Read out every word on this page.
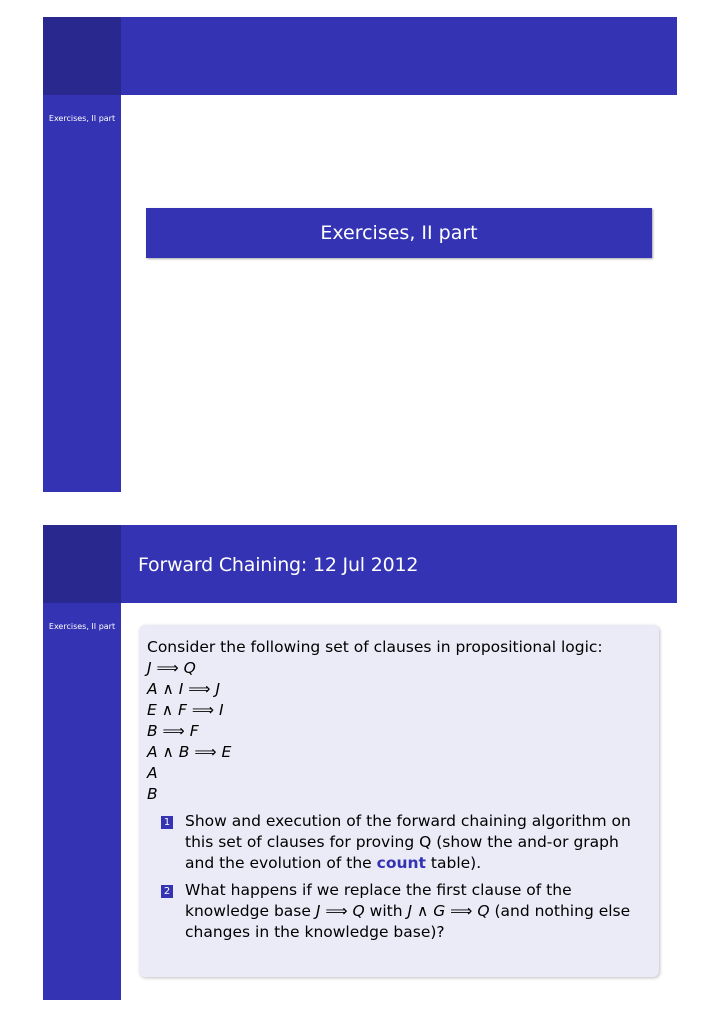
Exercises, II part
Exercises, II part
Exercises, II part
Forward Chaining: 12 Jul 2012

Consider the following set of clauses in propositional logic:

J ⟹ Q
A ∧ I ⟹ J
E ∧ F ⟹ I
B ⟹ F
A ∧ B ⟹ E
A
B
1 Show and execution of the forward chaining algorithm on this set of clauses for proving Q (show the and-or graph and the evolution of the count table).
2 What happens if we replace the first clause of the knowledge base J ⟹ Q with J ∧ G ⟹ Q (and nothing else changes in the knowledge base)?
